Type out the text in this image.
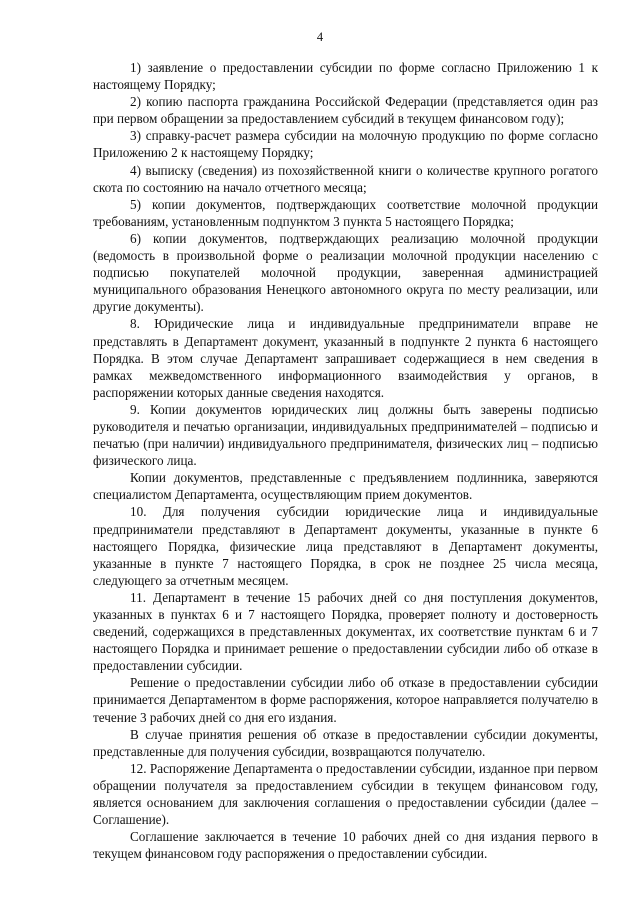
4

1) заявление о предоставлении субсидии по форме согласно Приложению 1 к настоящему Порядку;

2) копию паспорта гражданина Российской Федерации (представляется один раз при первом обращении за предоставлением субсидий в текущем финансовом году);

3) справку-расчет размера субсидии на молочную продукцию по форме согласно Приложению 2 к настоящему Порядку;

4) выписку (сведения) из похозяйственной книги о количестве крупного рогатого скота по состоянию на начало отчетного месяца;

5) копии документов, подтверждающих соответствие молочной продукции требованиям, установленным подпунктом 3 пункта 5 настоящего Порядка;

6) копии документов, подтверждающих реализацию молочной продукции (ведомость в произвольной форме о реализации молочной продукции населению с подписью покупателей молочной продукции, заверенная администрацией муниципального образования Ненецкого автономного округа по месту реализации, или другие документы).

8. Юридические лица и индивидуальные предприниматели вправе не представлять в Департамент документ, указанный в подпункте 2 пункта 6 настоящего Порядка. В этом случае Департамент запрашивает содержащиеся в нем сведения в рамках межведомственного информационного взаимодействия у органов, в распоряжении которых данные сведения находятся.

9. Копии документов юридических лиц должны быть заверены подписью руководителя и печатью организации, индивидуальных предпринимателей – подписью и печатью (при наличии) индивидуального предпринимателя, физических лиц – подписью физического лица.

Копии документов, представленные с предъявлением подлинника, заверяются специалистом Департамента, осуществляющим прием документов.

10. Для получения субсидии юридические лица и индивидуальные предприниматели представляют в Департамент документы, указанные в пункте 6 настоящего Порядка, физические лица представляют в Департамент документы, указанные в пункте 7 настоящего Порядка, в срок не позднее 25 числа месяца, следующего за отчетным месяцем.

11. Департамент в течение 15 рабочих дней со дня поступления документов, указанных в пунктах 6 и 7 настоящего Порядка, проверяет полноту и достоверность сведений, содержащихся в представленных документах, их соответствие пунктам 6 и 7 настоящего Порядка и принимает решение о предоставлении субсидии либо об отказе в предоставлении субсидии.

Решение о предоставлении субсидии либо об отказе в предоставлении субсидии принимается Департаментом в форме распоряжения, которое направляется получателю в течение 3 рабочих дней со дня его издания.

В случае принятия решения об отказе в предоставлении субсидии документы, представленные для получения субсидии, возвращаются получателю.

12. Распоряжение Департамента о предоставлении субсидии, изданное при первом обращении получателя за предоставлением субсидии в текущем финансовом году, является основанием для заключения соглашения о предоставлении субсидии (далее – Соглашение).

Соглашение заключается в течение 10 рабочих дней со дня издания первого в текущем финансовом году распоряжения о предоставлении субсидии.
